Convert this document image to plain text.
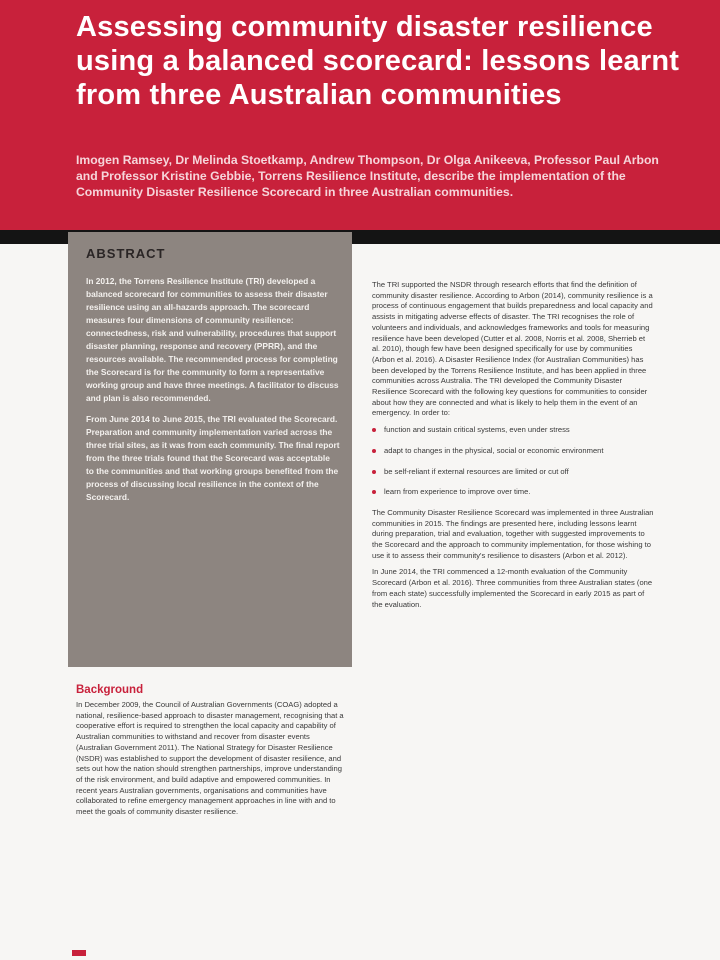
Assessing community disaster resilience using a balanced scorecard: lessons learnt from three Australian communities

Imogen Ramsey, Dr Melinda Stoetkamp, Andrew Thompson, Dr Olga Anikeeva, Professor Paul Arbon and Professor Kristine Gebbie, Torrens Resilience Institute, describe the implementation of the Community Disaster Resilience Scorecard in three Australian communities.

ABSTRACT

In 2012, the Torrens Resilience Institute (TRI) developed a balanced scorecard for communities to assess their disaster resilience using an all-hazards approach. The scorecard measures four dimensions of community resilience: connectedness, risk and vulnerability, procedures that support disaster planning, response and recovery (PPRR), and the resources available. The recommended process for completing the Scorecard is for the community to form a representative working group and have three meetings. A facilitator to discuss and plan is also recommended.

From June 2014 to June 2015, the TRI evaluated the Scorecard. Preparation and community implementation varied across the three trial sites, as it was from each community. The final report from the three trials found that the Scorecard was acceptable to the communities and that working groups benefited from the process of discussing local resilience in the context of the Scorecard.

Background

In December 2009, the Council of Australian Governments (COAG) adopted a national, resilience-based approach to disaster management, recognising that a cooperative effort is required to strengthen the local capacity and capability of Australian communities to withstand and recover from disaster events (Australian Government 2011). The National Strategy for Disaster Resilience (NSDR) was established to support the development of disaster resilience, and sets out how the nation should strengthen partnerships, improve understanding of the risk environment, and build adaptive and empowered communities. In recent years Australian governments, organisations and communities have collaborated to refine emergency management approaches in line with and to meet the goals of community disaster resilience.

The TRI supported the NSDR through research efforts that find the definition of community disaster resilience. According to Arbon (2014), community resilience is a process of continuous engagement that builds preparedness and local capacity and assists in mitigating adverse effects of disaster. The TRI recognises the role of volunteers and individuals, and acknowledges frameworks and tools for measuring resilience have been developed (Cutter et al. 2008, Norris et al. 2008, Sherrieb et al. 2010), though few have been designed specifically for use by communities (Arbon et al. 2016). A Disaster Resilience Index (for Australian Communities) has been developed by the Torrens Resilience Institute, and has been applied in three communities across Australia. The TRI developed the Community Disaster Resilience Scorecard with the following key questions for communities to consider about how they are connected and what is likely to help them in the event of an emergency. In order to:

function and sustain critical systems, even under stress
adapt to changes in the physical, social or economic environment
be self-reliant if external resources are limited or cut off
learn from experience to improve over time.

The Community Disaster Resilience Scorecard was implemented in three Australian communities in 2015. The findings are presented here, including lessons learnt during preparation, trial and evaluation, together with suggested improvements to the Scorecard and the approach to community implementation, for those wishing to use it to assess their community's resilience to disasters (Arbon et al. 2012).

In June 2014, the TRI commenced a 12-month evaluation of the Community Scorecard (Arbon et al. 2016). Three communities from three Australian states (one from each state) successfully implemented the Scorecard in early 2015 as part of the evaluation.
